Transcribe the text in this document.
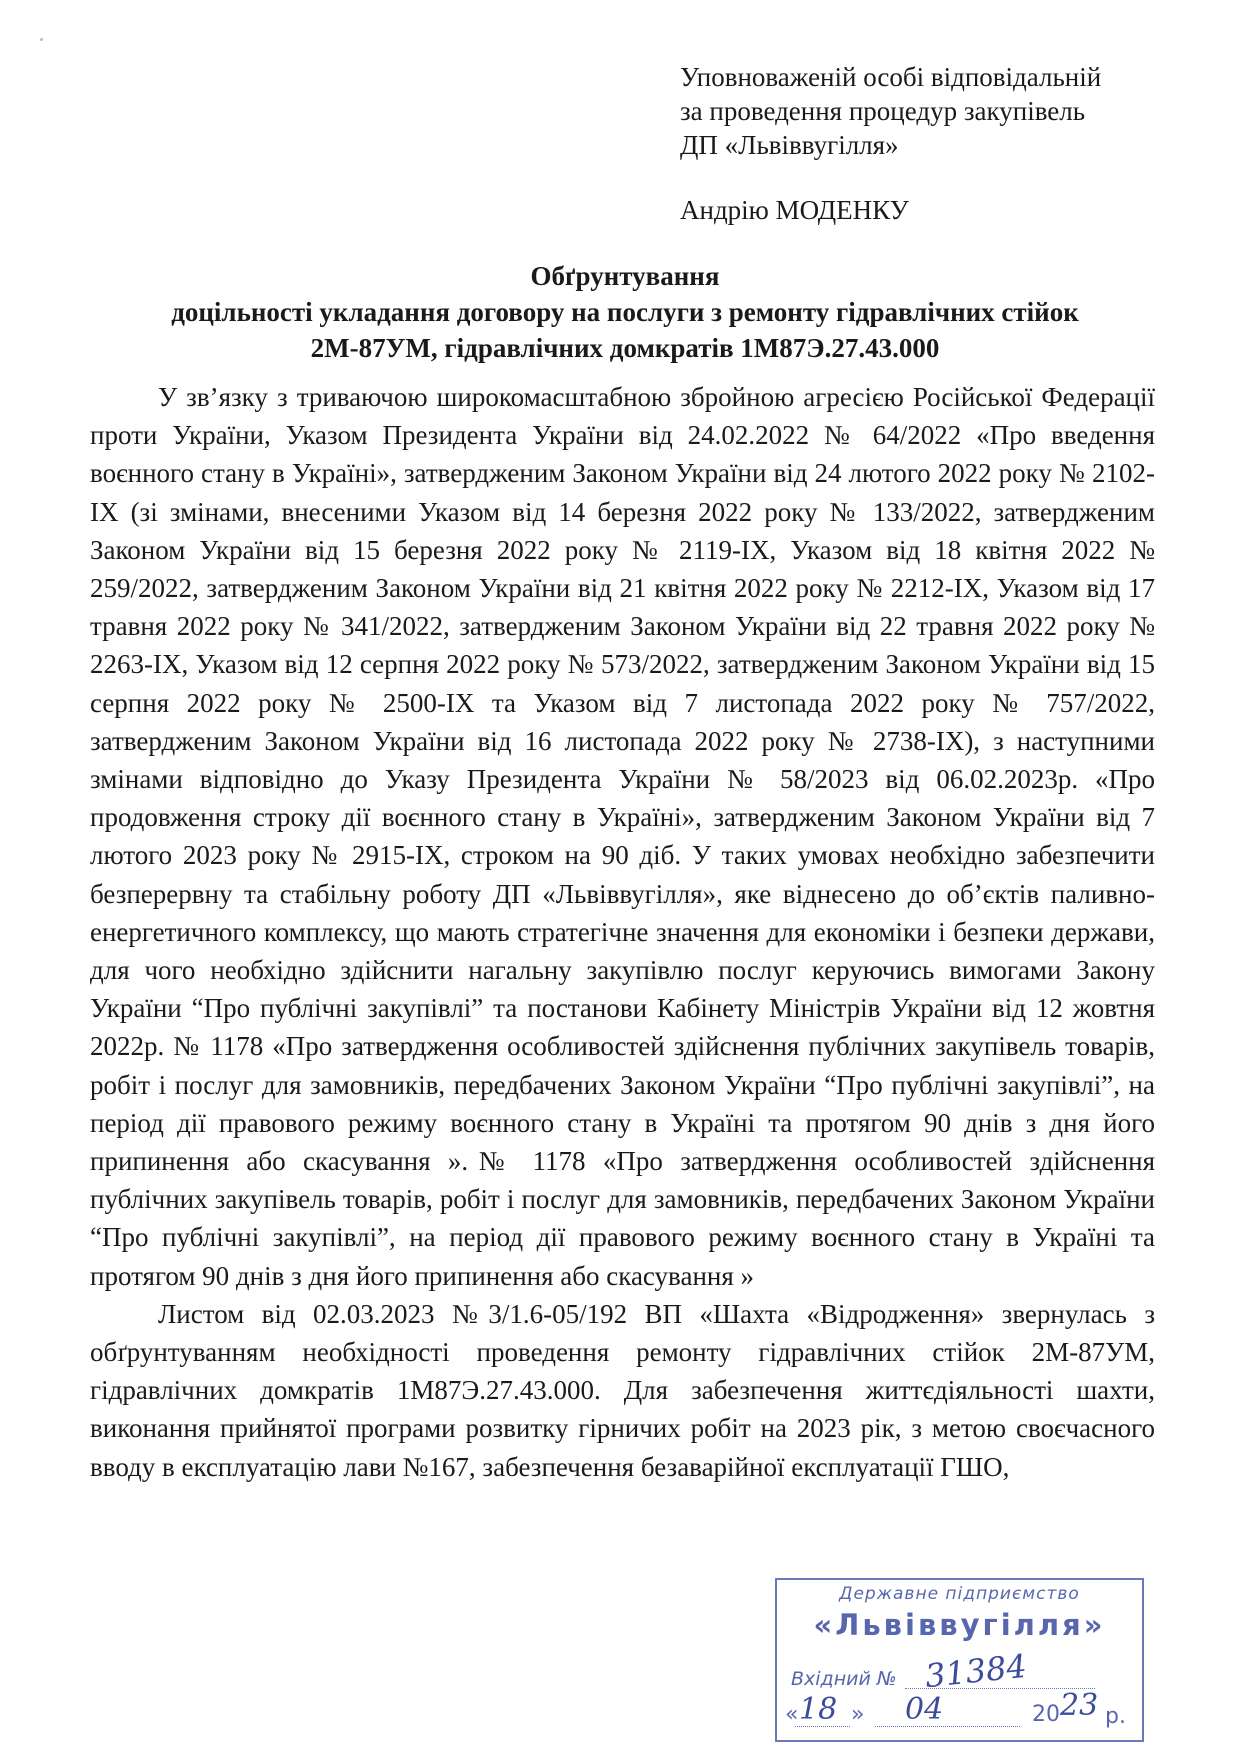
Уповноваженій особі відповідальній
за проведення процедур закупівель
ДП «Львіввугілля»
Андрію МОДЕНКУ
Обґрунтування
доцільності укладання договору на послуги з ремонту гідравлічних стійок
2М-87УМ, гідравлічних домкратів 1М87Э.27.43.000

У зв’язку з триваючою широкомасштабною збройною агресією Російської Федерації проти України, Указом Президента України від 24.02.2022 № 64/2022 «Про введення воєнного стану в Україні», затвердженим Законом України від 24 лютого 2022 року № 2102-IX (зі змінами, внесеними Указом від 14 березня 2022 року № 133/2022, затвердженим Законом України від 15 березня 2022 року № 2119-IX, Указом від 18 квітня 2022 № 259/2022, затвердженим Законом України від 21 квітня 2022 року № 2212-IX, Указом від 17 травня 2022 року № 341/2022, затвердженим Законом України від 22 травня 2022 року № 2263-IX, Указом від 12 серпня 2022 року № 573/2022, затвердженим Законом України від 15 серпня 2022 року № 2500-IX та Указом від 7 листопада 2022 року № 757/2022, затвердженим Законом України від 16 листопада 2022 року № 2738-IX), з наступними змінами відповідно до Указу Президента України № 58/2023 від 06.02.2023р. «Про продовження строку дії воєнного стану в Україні», затвердженим Законом України від 7 лютого 2023 року № 2915-IX, строком на 90 діб. У таких умовах необхідно забезпечити безперервну та стабільну роботу ДП «Львіввугілля», яке віднесено до об’єктів паливно-енергетичного комплексу, що мають стратегічне значення для економіки і безпеки держави, для чого необхідно здійснити нагальну закупівлю послуг керуючись вимогами Закону України “Про публічні закупівлі” та постанови Кабінету Міністрів України від 12 жовтня 2022р. № 1178 «Про затвердження особливостей здійснення публічних закупівель товарів, робіт і послуг для замовників, передбачених Законом України “Про публічні закупівлі”, на період дії правового режиму воєнного стану в Україні та протягом 90 днів з дня його припинення або скасування ».№ 1178 «Про затвердження особливостей здійснення публічних закупівель товарів, робіт і послуг для замовників, передбачених Законом України “Про публічні закупівлі”, на період дії правового режиму воєнного стану в Україні та протягом 90 днів з дня його припинення або скасування »

Листом від 02.03.2023 №3/1.6-05/192 ВП «Шахта «Відродження» звернулась з обґрунтуванням необхідності проведення ремонту гідравлічних стійок 2М-87УМ, гідравлічних домкратів 1М87Э.27.43.000. Для забезпечення життєдіяльності шахти, виконання прийнятої програми розвитку гірничих робіт на 2023 рік, з метою своєчасного вводу в експлуатацію лави №167, забезпечення безаварійної експлуатації ГШО,

Державне підприємство
«Львіввугілля»
Вхідний № 31384
« 18 » 04	20 23 р.
